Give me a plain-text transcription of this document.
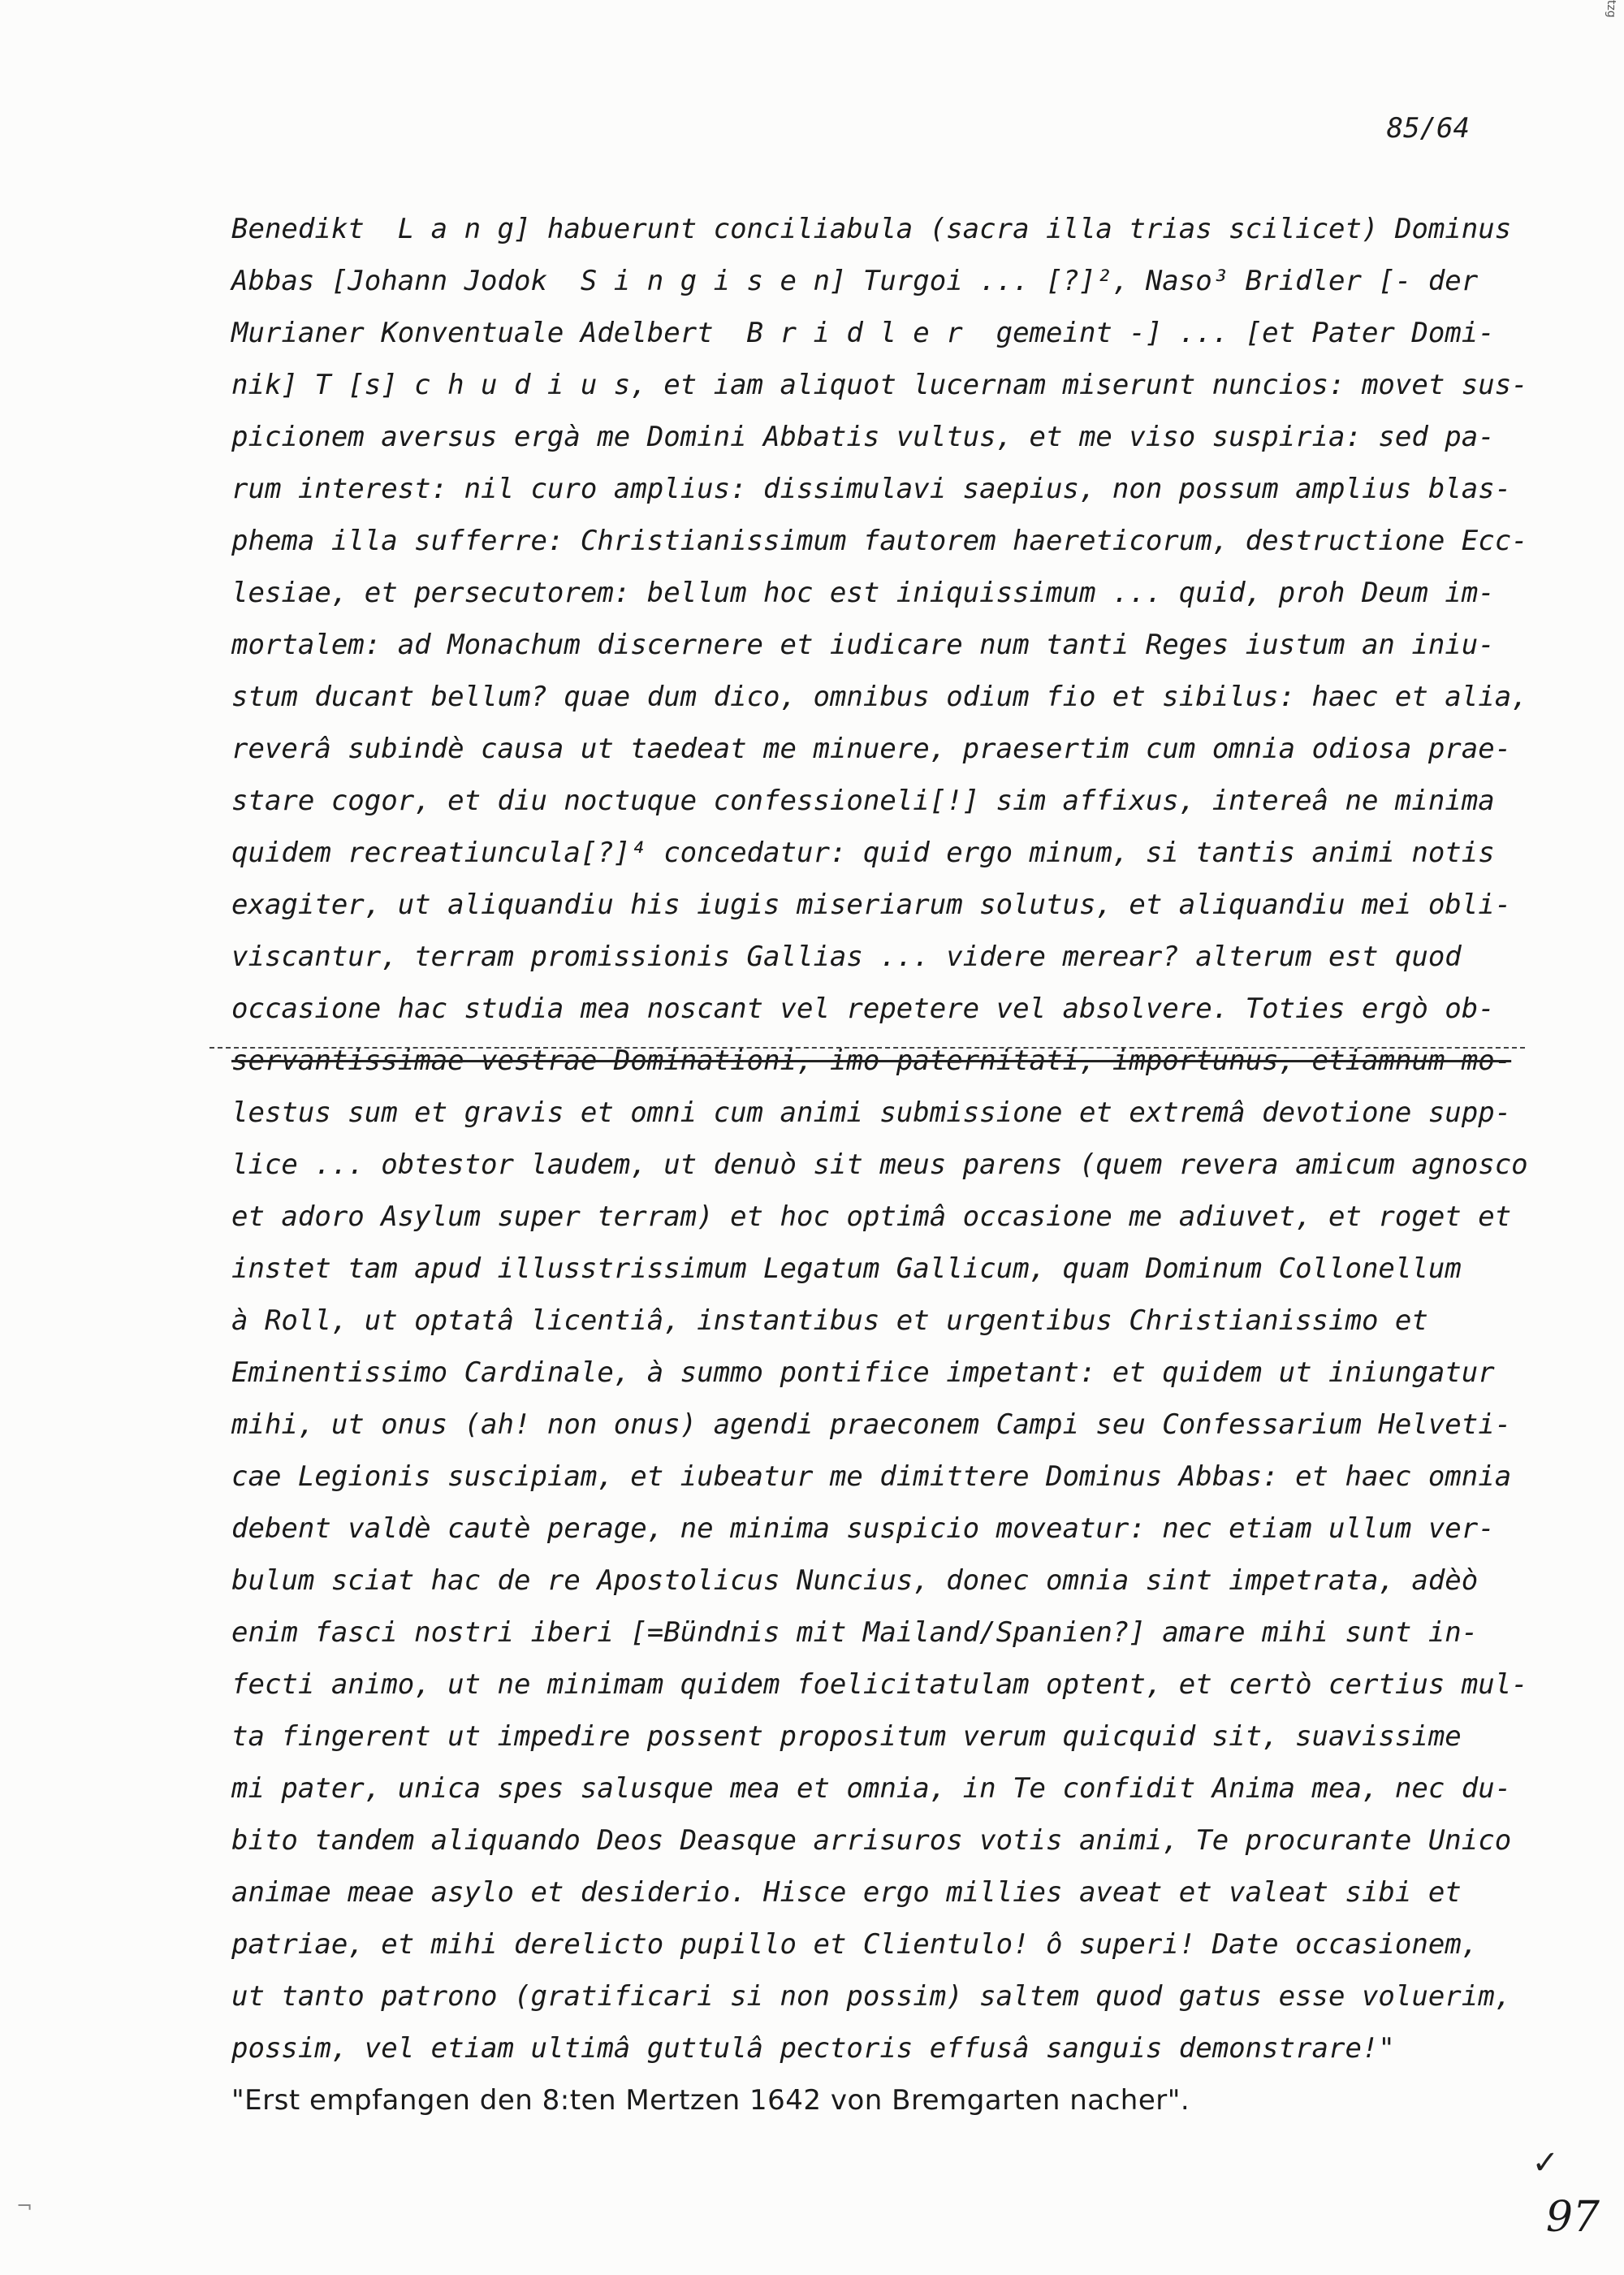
tzg
85/64
Benedikt  L a n g] habuerunt conciliabula (sacra illa trias scilicet) Dominus
Abbas [Johann Jodok  S i n g i s e n] Turgoi ... [?]², Naso³ Bridler [- der
Murianer Konventuale Adelbert  B r i d l e r  gemeint -] ... [et Pater Domi-
nik] T [s] c h u d i u s, et iam aliquot lucernam miserunt nuncios: movet sus-
picionem aversus ergà me Domini Abbatis vultus, et me viso suspiria: sed pa-
rum interest: nil curo amplius: dissimulavi saepius, non possum amplius blas-
phema illa sufferre: Christianissimum fautorem haereticorum, destructione Ecc-
lesiae, et persecutorem: bellum hoc est iniquissimum ... quid, proh Deum im-
mortalem: ad Monachum discernere et iudicare num tanti Reges iustum an iniu-
stum ducant bellum? quae dum dico, omnibus odium fio et sibilus: haec et alia,
reverâ subindè causa ut taedeat me minuere, praesertim cum omnia odiosa prae-
stare cogor, et diu noctuque confessioneli[!] sim affixus, intereâ ne minima
quidem recreatiuncula[?]⁴ concedatur: quid ergo minum, si tantis animi notis
exagiter, ut aliquandiu his iugis miseriarum solutus, et aliquandiu mei obli-
viscantur, terram promissionis Gallias ... videre merear? alterum est quod
occasione hac studia mea noscant vel repetere vel absolvere. Toties ergò ob-
servantissimae vestrae Dominationi, imo paternitati, importunus, etiamnum mo-
lestus sum et gravis et omni cum animi submissione et extremâ devotione supp-
lice ... obtestor laudem, ut denuò sit meus parens (quem revera amicum agnosco
et adoro Asylum super terram) et hoc optimâ occasione me adiuvet, et roget et
instet tam apud illusstrissimum Legatum Gallicum, quam Dominum Collonellum
à Roll, ut optatâ licentiâ, instantibus et urgentibus Christianissimo et
Eminentissimo Cardinale, à summo pontifice impetant: et quidem ut iniungatur
mihi, ut onus (ah! non onus) agendi praeconem Campi seu Confessarium Helveti-
cae Legionis suscipiam, et iubeatur me dimittere Dominus Abbas: et haec omnia
debent valdè cautè perage, ne minima suspicio moveatur: nec etiam ullum ver-
bulum sciat hac de re Apostolicus Nuncius, donec omnia sint impetrata, adèò
enim fasci nostri iberi [=Bündnis mit Mailand/Spanien?] amare mihi sunt in-
fecti animo, ut ne minimam quidem foelicitatulam optent, et certò certius mul-
ta fingerent ut impedire possent propositum verum quicquid sit, suavissime
mi pater, unica spes salusque mea et omnia, in Te confidit Anima mea, nec du-
bito tandem aliquando Deos Deasque arrisuros votis animi, Te procurante Unico
animae meae asylo et desiderio. Hisce ergo millies aveat et valeat sibi et
patriae, et mihi derelicto pupillo et Clientulo! ô superi! Date occasionem,
ut tanto patrono (gratificari si non possim) saltem quod gatus esse voluerim,
possim, vel etiam ultimâ guttulâ pectoris effusâ sanguis demonstrare!"
"Erst empfangen den 8:ten Mertzen 1642 von Bremgarten nacher".
¬
✓
97
